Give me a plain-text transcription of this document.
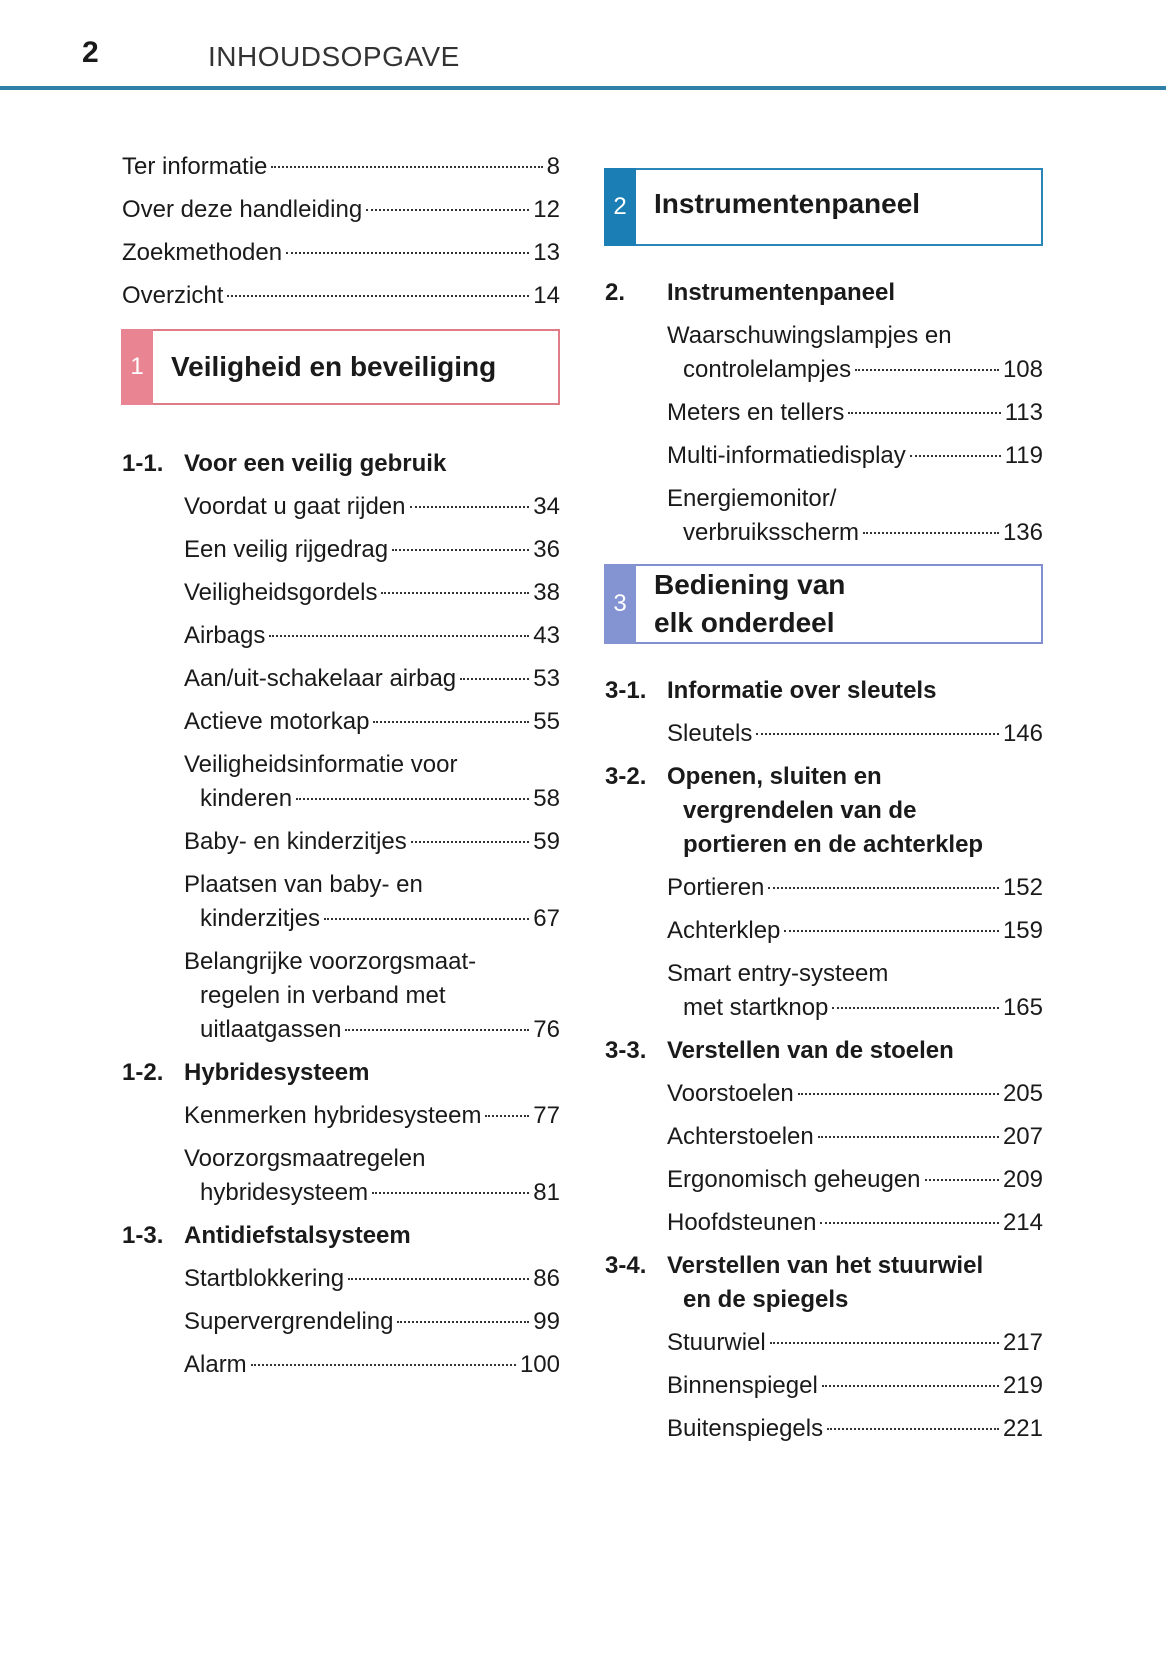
2	INHOUDSOPGAVE
Ter informatie	8
Over deze handleiding	12
Zoekmethoden	13
Overzicht	14
1 Veiligheid en beveiliging
1-1. Voor een veilig gebruik
Voordat u gaat rijden	34
Een veilig rijgedrag	36
Veiligheidsgordels	38
Airbags	43
Aan/uit-schakelaar airbag	53
Actieve motorkap	55
Veiligheidsinformatie voor
kinderen	58
Baby- en kinderzitjes	59
Plaatsen van baby- en
kinderzitjes	67
Belangrijke voorzorgsmaat-
regelen in verband met
uitlaatgassen	76
1-2. Hybridesysteem
Kenmerken hybridesysteem 77
Voorzorgsmaatregelen
hybridesysteem	81
1-3. Antidiefstalsysteem
Startblokkering	86
Supervergrendeling	99
Alarm	100
2 Instrumentenpaneel
2.	Instrumentenpaneel
Waarschuwingslampjes en
controlelampjes	108
Meters en tellers	113
Multi-informatiedisplay	119
Energiemonitor/
verbruiksscherm	136
3
Bediening van
elk onderdeel
3-1. Informatie over sleutels
Sleutels	146
3-2. Openen, sluiten en
vergrendelen van de
portieren en de achterklep
Portieren	152
Achterklep	159
Smart entry-systeem
met startknop	165
3-3. Verstellen van de stoelen
Voorstoelen	205
Achterstoelen	207
Ergonomisch geheugen	209
Hoofdsteunen	214
3-4. Verstellen van het stuurwiel
en de spiegels
Stuurwiel	217
Binnenspiegel	219
Buitenspiegels	221
